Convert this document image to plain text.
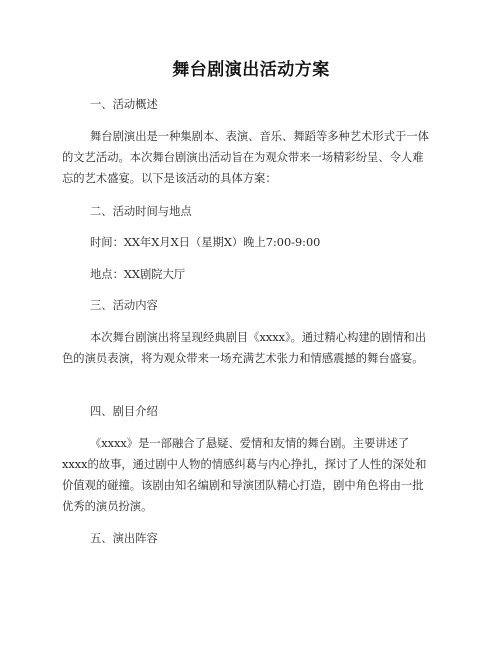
舞台剧演出活动方案
一、活动概述

舞台剧演出是一种集剧本、表演、音乐、舞蹈等多种艺术形式于一体的文艺活动。本次舞台剧演出活动旨在为观众带来一场精彩纷呈、令人难忘的艺术盛宴。以下是该活动的具体方案：

二、活动时间与地点
时间：XX年X月X日（星期X）晚上7:00-9:00
地点：XX剧院大厅
三、活动内容

本次舞台剧演出将呈现经典剧目《xxxx》。通过精心构建的剧情和出色的演员表演，将为观众带来一场充满艺术张力和情感震撼的舞台盛宴。

四、剧目介绍

《xxxx》是一部融合了悬疑、爱情和友情的舞台剧。主要讲述了xxxx的故事，通过剧中人物的情感纠葛与内心挣扎，探讨了人性的深处和价值观的碰撞。该剧由知名编剧和导演团队精心打造，剧中角色将由一批优秀的演员扮演。

五、演出阵容
